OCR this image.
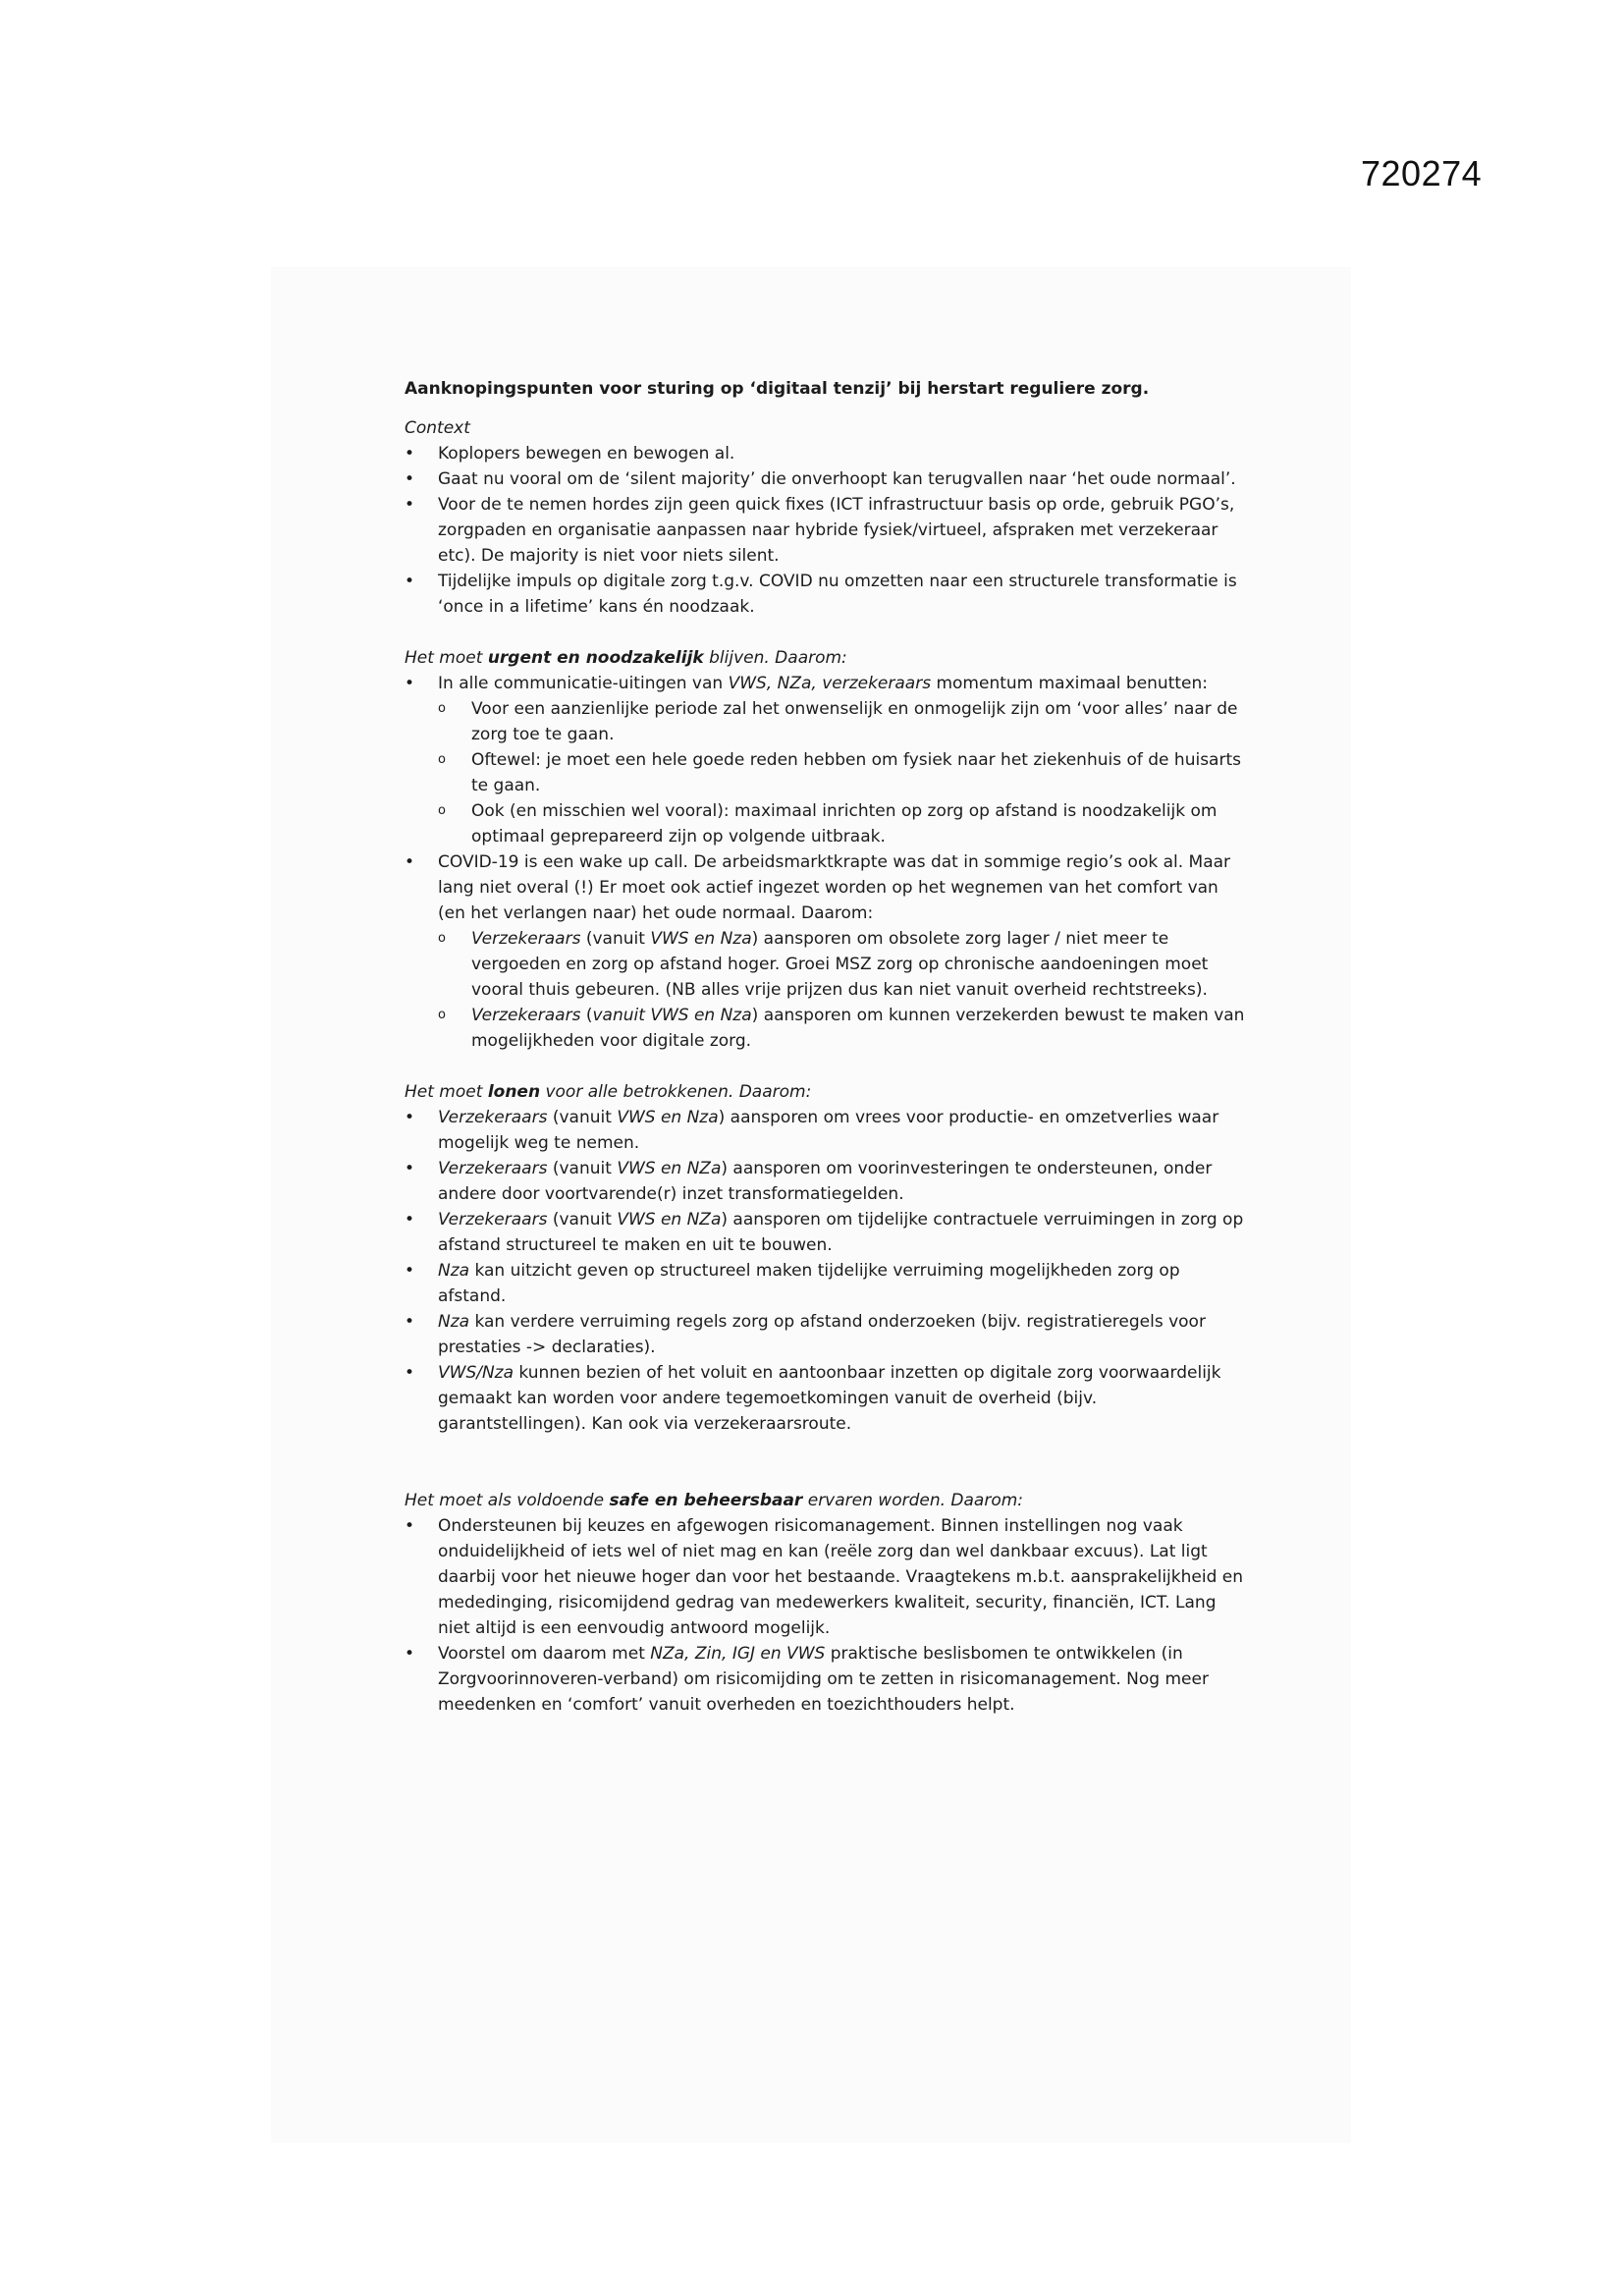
720274
Aanknopingspunten voor sturing op ‘digitaal tenzij’ bij herstart reguliere zorg.
Context
• Koplopers bewegen en bewogen al.
• Gaat nu vooral om de ‘silent majority’ die onverhoopt kan terugvallen naar ‘het oude normaal’.
• Voor de te nemen hordes zijn geen quick fixes (ICT infrastructuur basis op orde, gebruik PGO’s, zorgpaden en organisatie aanpassen naar hybride fysiek/virtueel, afspraken met verzekeraar etc). De majority is niet voor niets silent.
• Tijdelijke impuls op digitale zorg t.g.v. COVID nu omzetten naar een structurele transformatie is ‘once in a lifetime’ kans én noodzaak.
Het moet urgent en noodzakelijk blijven. Daarom:
• In alle communicatie-uitingen van VWS, NZa, verzekeraars momentum maximaal benutten:
o Voor een aanzienlijke periode zal het onwenselijk en onmogelijk zijn om ‘voor alles’ naar de zorg toe te gaan.
o Oftewel: je moet een hele goede reden hebben om fysiek naar het ziekenhuis of de huisarts te gaan.
o Ook (en misschien wel vooral): maximaal inrichten op zorg op afstand is noodzakelijk om optimaal geprepareerd zijn op volgende uitbraak.
• COVID-19 is een wake up call. De arbeidsmarktkrapte was dat in sommige regio’s ook al. Maar lang niet overal (!) Er moet ook actief ingezet worden op het wegnemen van het comfort van (en het verlangen naar) het oude normaal. Daarom:
o Verzekeraars (vanuit VWS en Nza) aansporen om obsolete zorg lager / niet meer te vergoeden en zorg op afstand hoger. Groei MSZ zorg op chronische aandoeningen moet vooral thuis gebeuren. (NB alles vrije prijzen dus kan niet vanuit overheid rechtstreeks).
o Verzekeraars (vanuit VWS en Nza) aansporen om kunnen verzekerden bewust te maken van mogelijkheden voor digitale zorg.
Het moet lonen voor alle betrokkenen. Daarom:
• Verzekeraars (vanuit VWS en Nza) aansporen om vrees voor productie- en omzetverlies waar mogelijk weg te nemen.
• Verzekeraars (vanuit VWS en NZa) aansporen om voorinvesteringen te ondersteunen, onder andere door voortvarende(r) inzet transformatiegelden.
• Verzekeraars (vanuit VWS en NZa) aansporen om tijdelijke contractuele verruimingen in zorg op afstand structureel te maken en uit te bouwen.
• Nza kan uitzicht geven op structureel maken tijdelijke verruiming mogelijkheden zorg op afstand.
• Nza kan verdere verruiming regels zorg op afstand onderzoeken (bijv. registratieregels voor prestaties -> declaraties).
• VWS/Nza kunnen bezien of het voluit en aantoonbaar inzetten op digitale zorg voorwaardelijk gemaakt kan worden voor andere tegemoetkomingen vanuit de overheid (bijv. garantstellingen). Kan ook via verzekeraarsroute.
Het moet als voldoende safe en beheersbaar ervaren worden. Daarom:
• Ondersteunen bij keuzes en afgewogen risicomanagement. Binnen instellingen nog vaak onduidelijkheid of iets wel of niet mag en kan (reële zorg dan wel dankbaar excuus). Lat ligt daarbij voor het nieuwe hoger dan voor het bestaande. Vraagtekens m.b.t. aansprakelijkheid en mededinging, risicomijdend gedrag van medewerkers kwaliteit, security, financiën, ICT. Lang niet altijd is een eenvoudig antwoord mogelijk.
• Voorstel om daarom met NZa, Zin, IGJ en VWS praktische beslisbomen te ontwikkelen (in Zorgvoorinnoveren-verband) om risicomijding om te zetten in risicomanagement. Nog meer meedenken en ‘comfort’ vanuit overheden en toezichthouders helpt.
